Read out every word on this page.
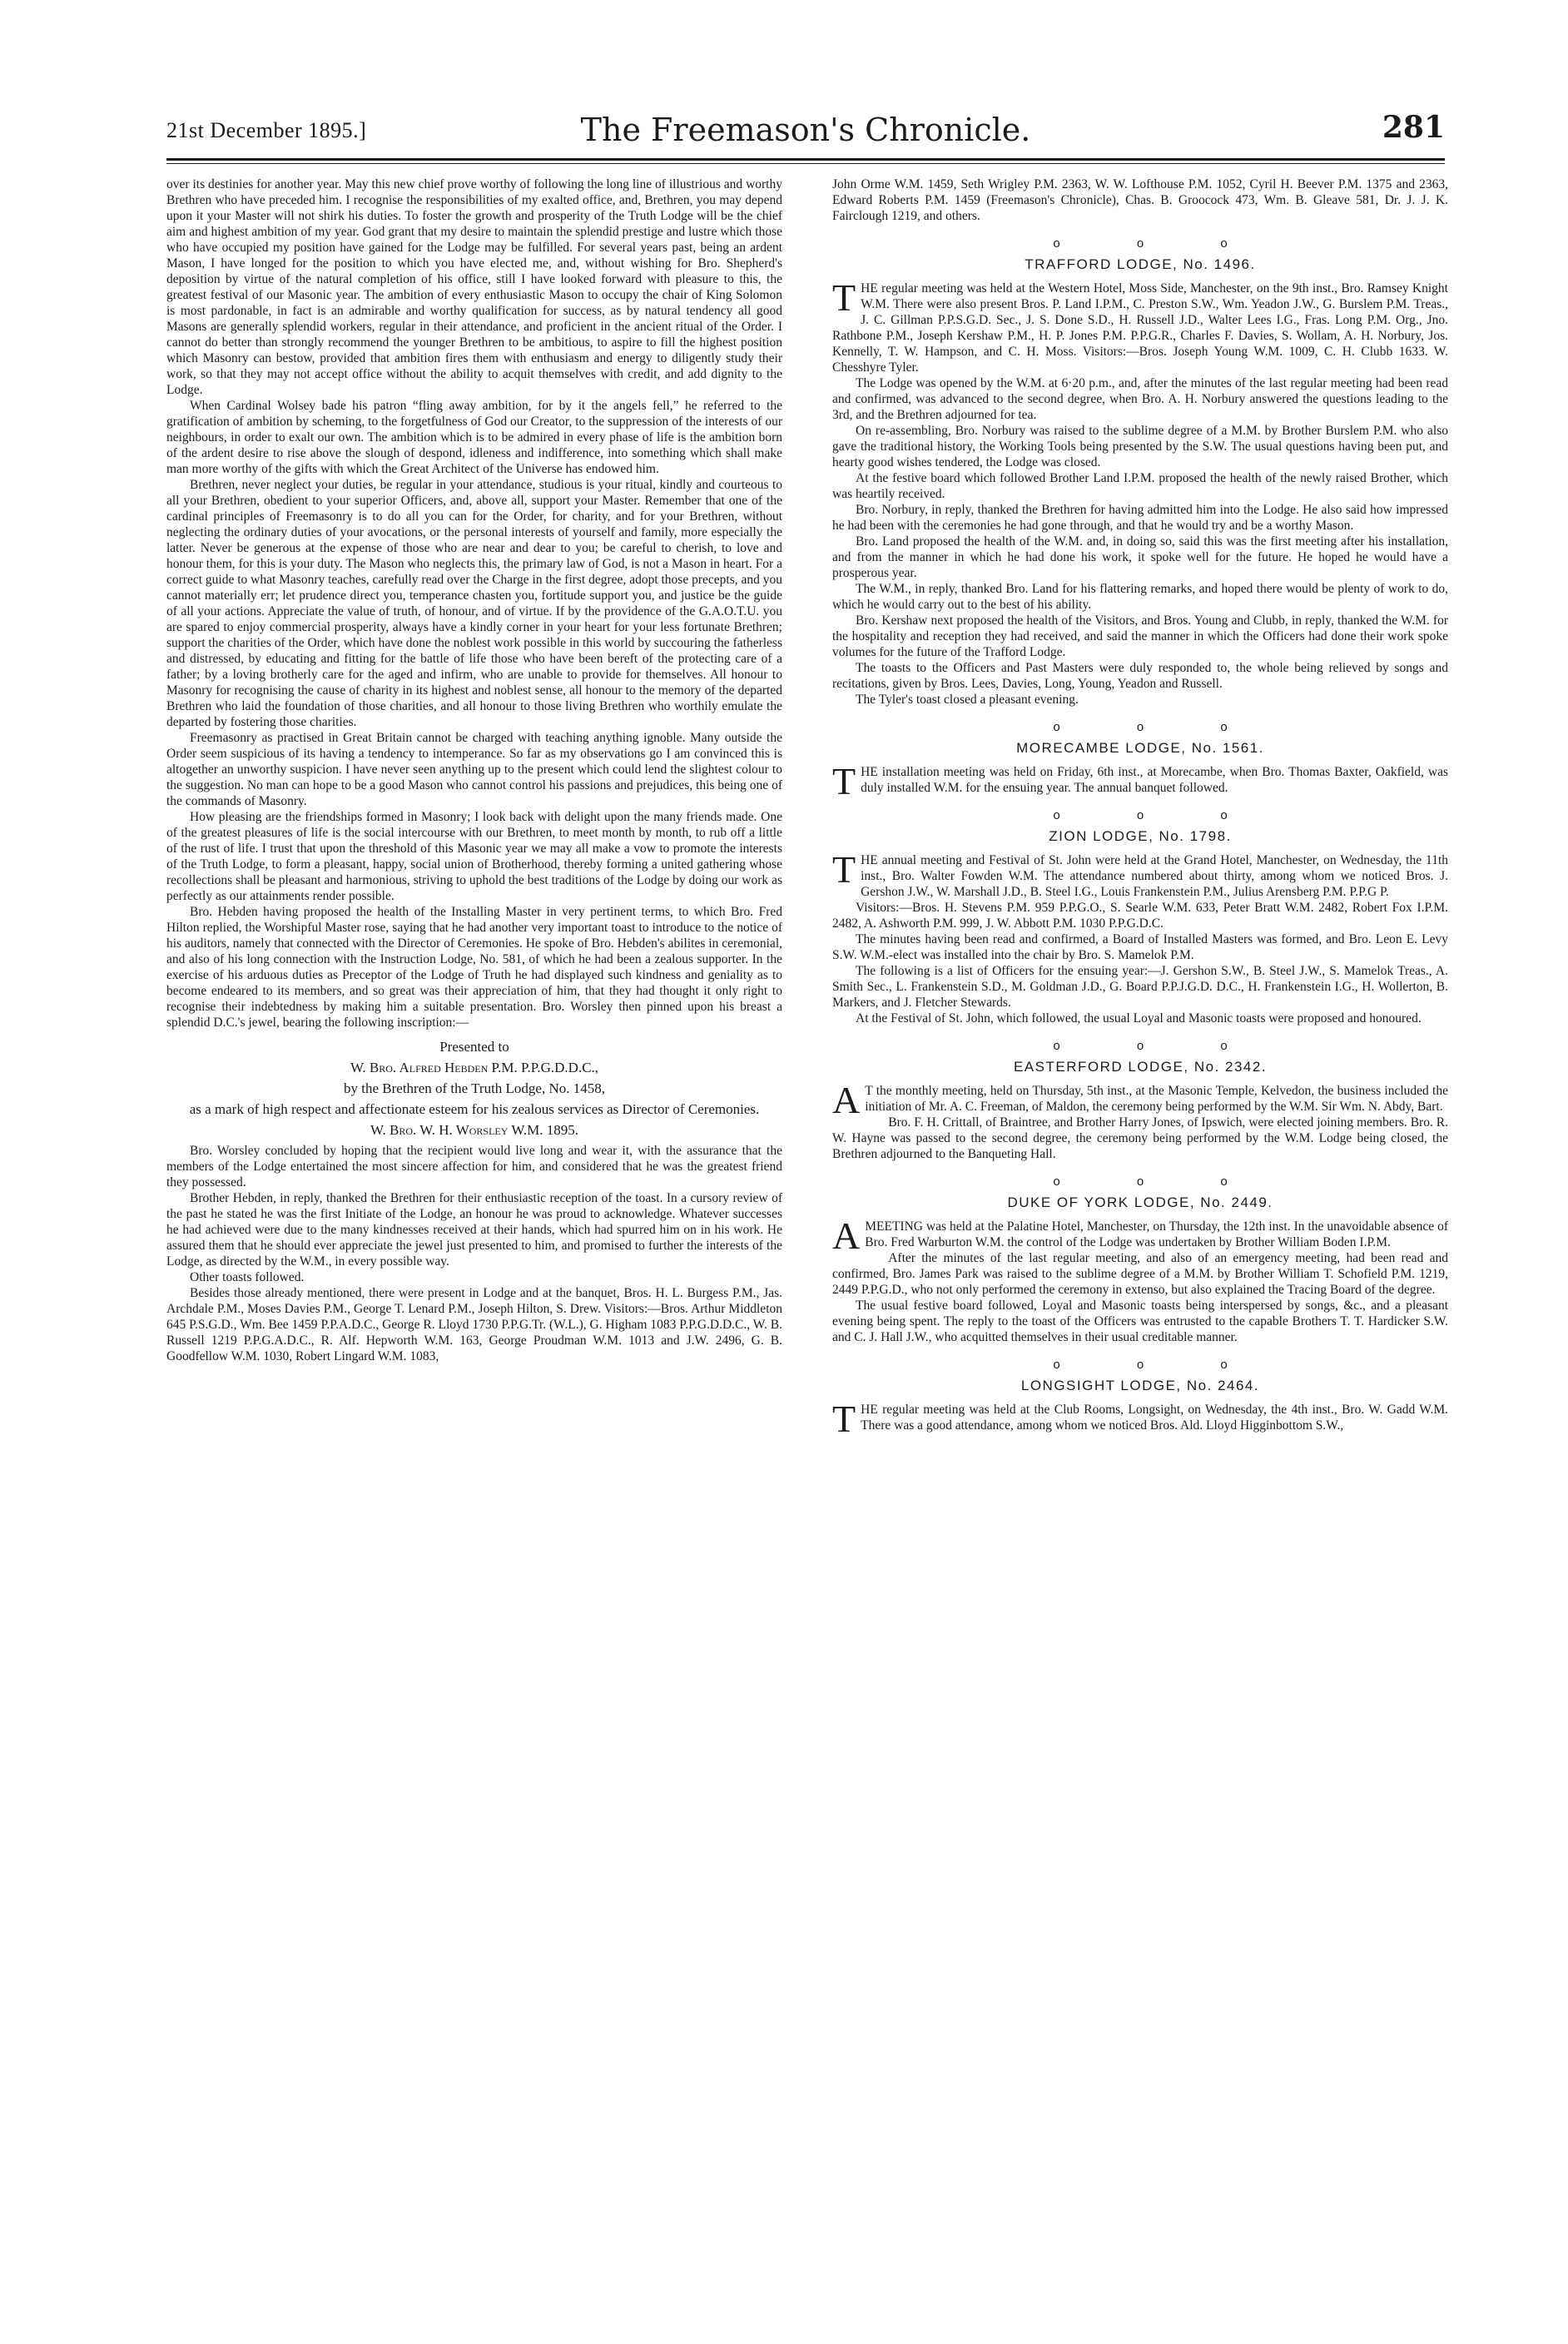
21st December 1895.]	The Freemason's Chronicle.	281

over its destinies for another year. May this new chief prove worthy of following the long line of illustrious and worthy Brethren who have preceded him. I recognise the responsibilities of my exalted office, and, Brethren, you may depend upon it your Master will not shirk his duties. To foster the growth and prosperity of the Truth Lodge will be the chief aim and highest ambition of my year. God grant that my desire to maintain the splendid prestige and lustre which those who have occupied my position have gained for the Lodge may be fulfilled. For several years past, being an ardent Mason, I have longed for the position to which you have elected me, and, without wishing for Bro. Shepherd's deposition by virtue of the natural completion of his office, still I have looked forward with pleasure to this, the greatest festival of our Masonic year. The ambition of every enthusiastic Mason to occupy the chair of King Solomon is most pardonable, in fact is an admirable and worthy qualification for success, as by natural tendency all good Masons are generally splendid workers, regular in their attendance, and proficient in the ancient ritual of the Order. I cannot do better than strongly recommend the younger Brethren to be ambitious, to aspire to fill the highest position which Masonry can bestow, provided that ambition fires them with enthusiasm and energy to diligently study their work, so that they may not accept office without the ability to acquit themselves with credit, and add dignity to the Lodge.

When Cardinal Wolsey bade his patron “fling away ambition, for by it the angels fell,” he referred to the gratification of ambition by scheming, to the forgetfulness of God our Creator, to the suppression of the interests of our neighbours, in order to exalt our own. The ambition which is to be admired in every phase of life is the ambition born of the ardent desire to rise above the slough of despond, idleness and indifference, into something which shall make man more worthy of the gifts with which the Great Architect of the Universe has endowed him.

Brethren, never neglect your duties, be regular in your attendance, studious is your ritual, kindly and courteous to all your Brethren, obedient to your superior Officers, and, above all, support your Master. Remember that one of the cardinal principles of Freemasonry is to do all you can for the Order, for charity, and for your Brethren, without neglecting the ordinary duties of your avocations, or the personal interests of yourself and family, more especially the latter. Never be generous at the expense of those who are near and dear to you; be careful to cherish, to love and honour them, for this is your duty. The Mason who neglects this, the primary law of God, is not a Mason in heart. For a correct guide to what Masonry teaches, carefully read over the Charge in the first degree, adopt those precepts, and you cannot materially err; let prudence direct you, temperance chasten you, fortitude support you, and justice be the guide of all your actions. Appreciate the value of truth, of honour, and of virtue. If by the providence of the G.A.O.T.U. you are spared to enjoy commercial prosperity, always have a kindly corner in your heart for your less fortunate Brethren; support the charities of the Order, which have done the noblest work possible in this world by succouring the fatherless and distressed, by educating and fitting for the battle of life those who have been bereft of the protecting care of a father; by a loving brotherly care for the aged and infirm, who are unable to provide for themselves. All honour to Masonry for recognising the cause of charity in its highest and noblest sense, all honour to the memory of the departed Brethren who laid the foundation of those charities, and all honour to those living Brethren who worthily emulate the departed by fostering those charities.

Freemasonry as practised in Great Britain cannot be charged with teaching anything ignoble. Many outside the Order seem suspicious of its having a tendency to intemperance. So far as my observations go I am convinced this is altogether an unworthy suspicion. I have never seen anything up to the present which could lend the slightest colour to the suggestion. No man can hope to be a good Mason who cannot control his passions and prejudices, this being one of the commands of Masonry.

How pleasing are the friendships formed in Masonry; I look back with delight upon the many friends made. One of the greatest pleasures of life is the social intercourse with our Brethren, to meet month by month, to rub off a little of the rust of life. I trust that upon the threshold of this Masonic year we may all make a vow to promote the interests of the Truth Lodge, to form a pleasant, happy, social union of Brotherhood, thereby forming a united gathering whose recollections shall be pleasant and harmonious, striving to uphold the best traditions of the Lodge by doing our work as perfectly as our attainments render possible.

Bro. Hebden having proposed the health of the Installing Master in very pertinent terms, to which Bro. Fred Hilton replied, the Worshipful Master rose, saying that he had another very important toast to introduce to the notice of his auditors, namely that connected with the Director of Ceremonies. He spoke of Bro. Hebden's abilites in ceremonial, and also of his long connection with the Instruction Lodge, No. 581, of which he had been a zealous supporter. In the exercise of his arduous duties as Preceptor of the Lodge of Truth he had displayed such kindness and geniality as to become endeared to its members, and so great was their appreciation of him, that they had thought it only right to recognise their indebtedness by making him a suitable presentation. Bro. Worsley then pinned upon his breast a splendid D.C.'s jewel, bearing the following inscription:—

Presented to

W. Bro. Alfred Hebden P.M. P.P.G.D.D.C.,

by the Brethren of the Truth Lodge, No. 1458,

as a mark of high respect and affectionate esteem for his zealous services as Director of Ceremonies.

W. Bro. W. H. Worsley W.M. 1895.

Bro. Worsley concluded by hoping that the recipient would live long and wear it, with the assurance that the members of the Lodge entertained the most sincere affection for him, and considered that he was the greatest friend they possessed.

Brother Hebden, in reply, thanked the Brethren for their enthusiastic reception of the toast. In a cursory review of the past he stated he was the first Initiate of the Lodge, an honour he was proud to acknowledge. Whatever successes he had achieved were due to the many kindnesses received at their hands, which had spurred him on in his work. He assured them that he should ever appreciate the jewel just presented to him, and promised to further the interests of the Lodge, as directed by the W.M., in every possible way.

Other toasts followed.

Besides those already mentioned, there were present in Lodge and at the banquet, Bros. H. L. Burgess P.M., Jas. Archdale P.M., Moses Davies P.M., George T. Lenard P.M., Joseph Hilton, S. Drew. Visitors:—Bros. Arthur Middleton 645 P.S.G.D., Wm. Bee 1459 P.P.A.D.C., George R. Lloyd 1730 P.P.G.Tr. (W.L.), G. Higham 1083 P.P.G.D.D.C., W. B. Russell 1219 P.P.G.A.D.C., R. Alf. Hepworth W.M. 163, George Proudman W.M. 1013 and J.W. 2496, G. B. Goodfellow W.M. 1030, Robert Lingard W.M. 1083,

John Orme W.M. 1459, Seth Wrigley P.M. 2363, W. W. Lofthouse P.M. 1052, Cyril H. Beever P.M. 1375 and 2363, Edward Roberts P.M. 1459 (Freemason's Chronicle), Chas. B. Groocock 473, Wm. B. Gleave 581, Dr. J. J. K. Fairclough 1219, and others.

o o o
TRAFFORD LODGE, No. 1496.

THE regular meeting was held at the Western Hotel, Moss Side, Manchester, on the 9th inst., Bro. Ramsey Knight W.M. There were also present Bros. P. Land I.P.M., C. Preston S.W., Wm. Yeadon J.W., G. Burslem P.M. Treas., J. C. Gillman P.P.S.G.D. Sec., J. S. Done S.D., H. Russell J.D., Walter Lees I.G., Fras. Long P.M. Org., Jno. Rathbone P.M., Joseph Kershaw P.M., H. P. Jones P.M. P.P.G.R., Charles F. Davies, S. Wollam, A. H. Norbury, Jos. Kennelly, T. W. Hampson, and C. H. Moss. Visitors:—Bros. Joseph Young W.M. 1009, C. H. Clubb 1633. W. Chesshyre Tyler.

The Lodge was opened by the W.M. at 6·20 p.m., and, after the minutes of the last regular meeting had been read and confirmed, was advanced to the second degree, when Bro. A. H. Norbury answered the questions leading to the 3rd, and the Brethren adjourned for tea.

On re-assembling, Bro. Norbury was raised to the sublime degree of a M.M. by Brother Burslem P.M. who also gave the traditional history, the Working Tools being presented by the S.W. The usual questions having been put, and hearty good wishes tendered, the Lodge was closed.

At the festive board which followed Brother Land I.P.M. proposed the health of the newly raised Brother, which was heartily received.

Bro. Norbury, in reply, thanked the Brethren for having admitted him into the Lodge. He also said how impressed he had been with the ceremonies he had gone through, and that he would try and be a worthy Mason.

Bro. Land proposed the health of the W.M. and, in doing so, said this was the first meeting after his installation, and from the manner in which he had done his work, it spoke well for the future. He hoped he would have a prosperous year.

The W.M., in reply, thanked Bro. Land for his flattering remarks, and hoped there would be plenty of work to do, which he would carry out to the best of his ability.

Bro. Kershaw next proposed the health of the Visitors, and Bros. Young and Clubb, in reply, thanked the W.M. for the hospitality and reception they had received, and said the manner in which the Officers had done their work spoke volumes for the future of the Trafford Lodge.

The toasts to the Officers and Past Masters were duly responded to, the whole being relieved by songs and recitations, given by Bros. Lees, Davies, Long, Young, Yeadon and Russell.

The Tyler's toast closed a pleasant evening.

o o o
MORECAMBE LODGE, No. 1561.

THE installation meeting was held on Friday, 6th inst., at Morecambe, when Bro. Thomas Baxter, Oakfield, was duly installed W.M. for the ensuing year. The annual banquet followed.

o o o
ZION LODGE, No. 1798.

THE annual meeting and Festival of St. John were held at the Grand Hotel, Manchester, on Wednesday, the 11th inst., Bro. Walter Fowden W.M. The attendance numbered about thirty, among whom we noticed Bros. J. Gershon J.W., W. Marshall J.D., B. Steel I.G., Louis Frankenstein P.M., Julius Arensberg P.M. P.P.G P.

Visitors:—Bros. H. Stevens P.M. 959 P.P.G.O., S. Searle W.M. 633, Peter Bratt W.M. 2482, Robert Fox I.P.M. 2482, A. Ashworth P.M. 999, J. W. Abbott P.M. 1030 P.P.G.D.C.

The minutes having been read and confirmed, a Board of Installed Masters was formed, and Bro. Leon E. Levy S.W. W.M.-elect was installed into the chair by Bro. S. Mamelok P.M.

The following is a list of Officers for the ensuing year:—J. Gershon S.W., B. Steel J.W., S. Mamelok Treas., A. Smith Sec., L. Frankenstein S.D., M. Goldman J.D., G. Board P.P.J.G.D. D.C., H. Frankenstein I.G., H. Wollerton, B. Markers, and J. Fletcher Stewards.

At the Festival of St. John, which followed, the usual Loyal and Masonic toasts were proposed and honoured.

o o o
EASTERFORD LODGE, No. 2342.

A T the monthly meeting, held on Thursday, 5th inst., at the Masonic Temple, Kelvedon, the business included the initiation of Mr. A. C. Freeman, of Maldon, the ceremony being performed by the W.M. Sir Wm. N. Abdy, Bart.

Bro. F. H. Crittall, of Braintree, and Brother Harry Jones, of Ipswich, were elected joining members. Bro. R. W. Hayne was passed to the second degree, the ceremony being performed by the W.M. Lodge being closed, the Brethren adjourned to the Banqueting Hall.

o o o
DUKE OF YORK LODGE, No. 2449.

A MEETING was held at the Palatine Hotel, Manchester, on Thursday, the 12th inst. In the unavoidable absence of Bro. Fred Warburton W.M. the control of the Lodge was undertaken by Brother William Boden I.P.M.

After the minutes of the last regular meeting, and also of an emergency meeting, had been read and confirmed, Bro. James Park was raised to the sublime degree of a M.M. by Brother William T. Schofield P.M. 1219, 2449 P.P.G.D., who not only performed the ceremony in extenso, but also explained the Tracing Board of the degree.

The usual festive board followed, Loyal and Masonic toasts being interspersed by songs, &c., and a pleasant evening being spent. The reply to the toast of the Officers was entrusted to the capable Brothers T. T. Hardicker S.W. and C. J. Hall J.W., who acquitted themselves in their usual creditable manner.

o o o
LONGSIGHT LODGE, No. 2464.

THE regular meeting was held at the Club Rooms, Longsight, on Wednesday, the 4th inst., Bro. W. Gadd W.M. There was a good attendance, among whom we noticed Bros. Ald. Lloyd Higginbottom S.W.,
